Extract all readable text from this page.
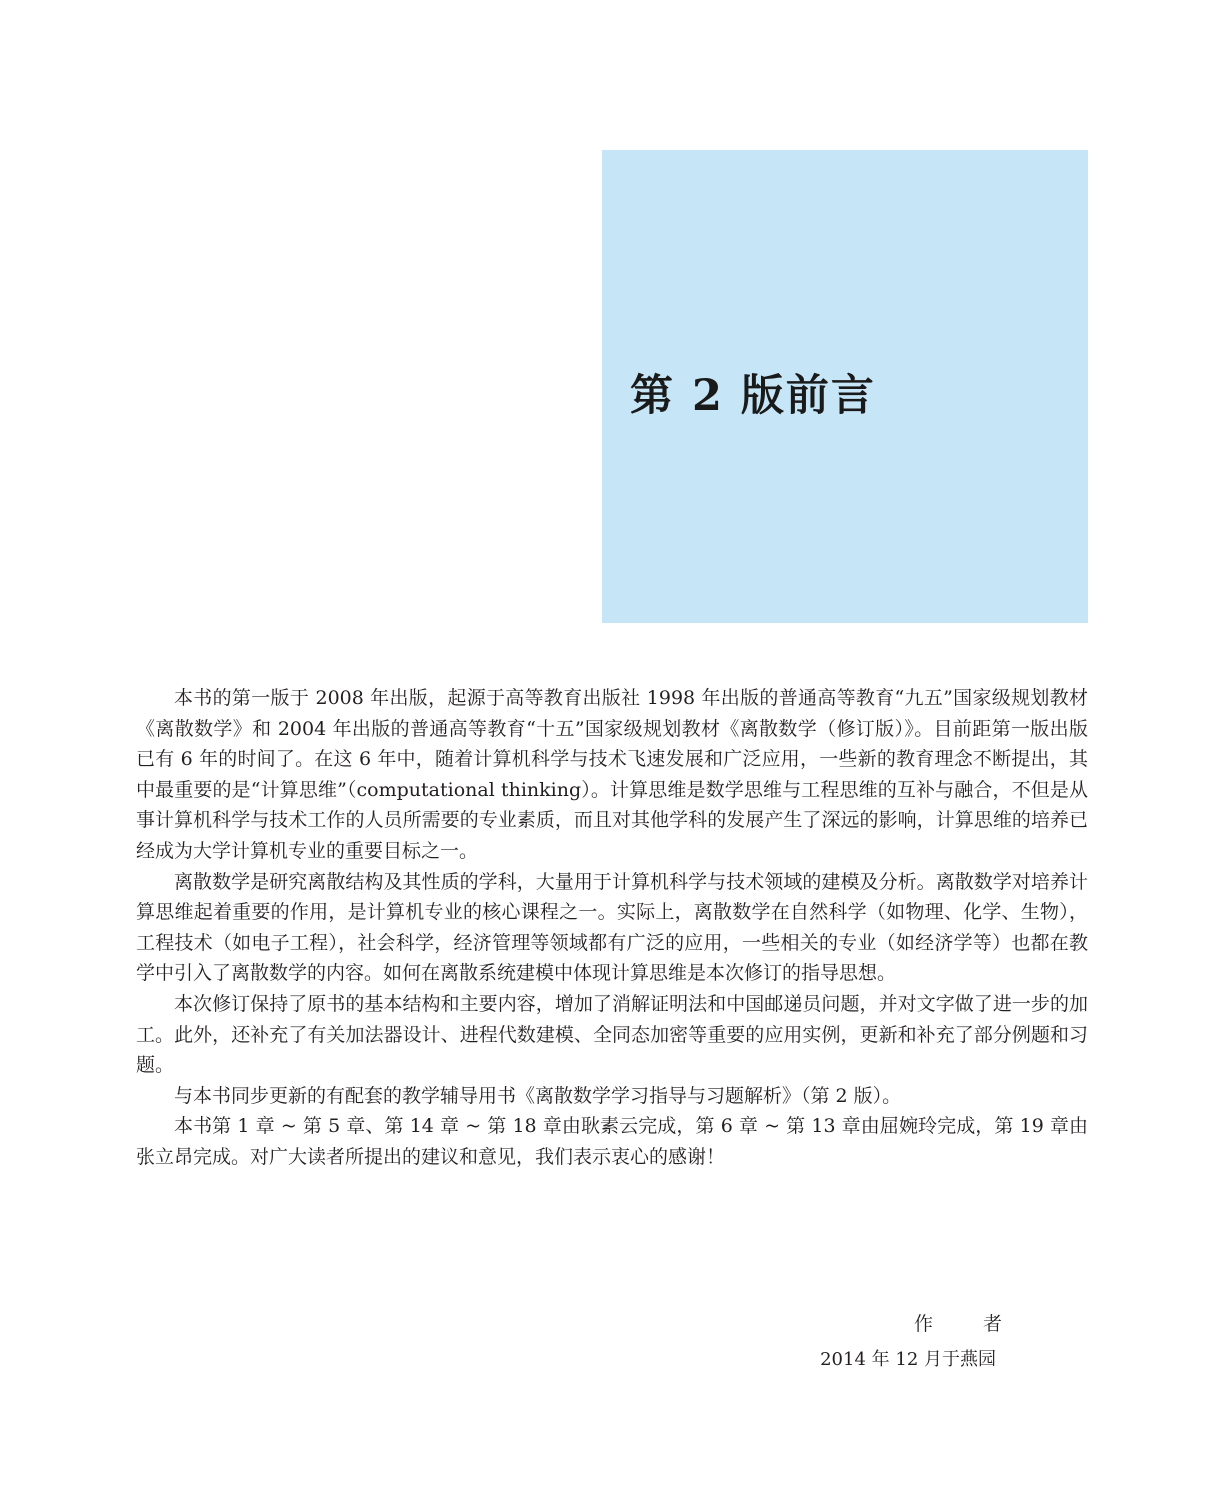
第 2 版前言

本书的第一版于 2008 年出版，起源于高等教育出版社 1998 年出版的普通高等教育“九五”国家级规划教材《离散数学》和 2004 年出版的普通高等教育“十五”国家级规划教材《离散数学（修订版）》。目前距第一版出版已有 6 年的时间了。在这 6 年中，随着计算机科学与技术飞速发展和广泛应用，一些新的教育理念不断提出，其中最重要的是“计算思维”（computational thinking）。计算思维是数学思维与工程思维的互补与融合，不但是从事计算机科学与技术工作的人员所需要的专业素质，而且对其他学科的发展产生了深远的影响，计算思维的培养已经成为大学计算机专业的重要目标之一。

离散数学是研究离散结构及其性质的学科，大量用于计算机科学与技术领域的建模及分析。离散数学对培养计算思维起着重要的作用，是计算机专业的核心课程之一。实际上，离散数学在自然科学（如物理、化学、生物），工程技术（如电子工程），社会科学，经济管理等领域都有广泛的应用，一些相关的专业（如经济学等）也都在教学中引入了离散数学的内容。如何在离散系统建模中体现计算思维是本次修订的指导思想。

本次修订保持了原书的基本结构和主要内容，增加了消解证明法和中国邮递员问题，并对文字做了进一步的加工。此外，还补充了有关加法器设计、进程代数建模、全同态加密等重要的应用实例，更新和补充了部分例题和习题。

与本书同步更新的有配套的教学辅导用书《离散数学学习指导与习题解析》（第 2 版）。

本书第 1 章 ~ 第 5 章、第 14 章 ~ 第 18 章由耿素云完成，第 6 章 ~ 第 13 章由屈婉玲完成，第 19 章由张立昂完成。对广大读者所提出的建议和意见，我们表示衷心的感谢！

作 者
2014 年 12 月于燕园
